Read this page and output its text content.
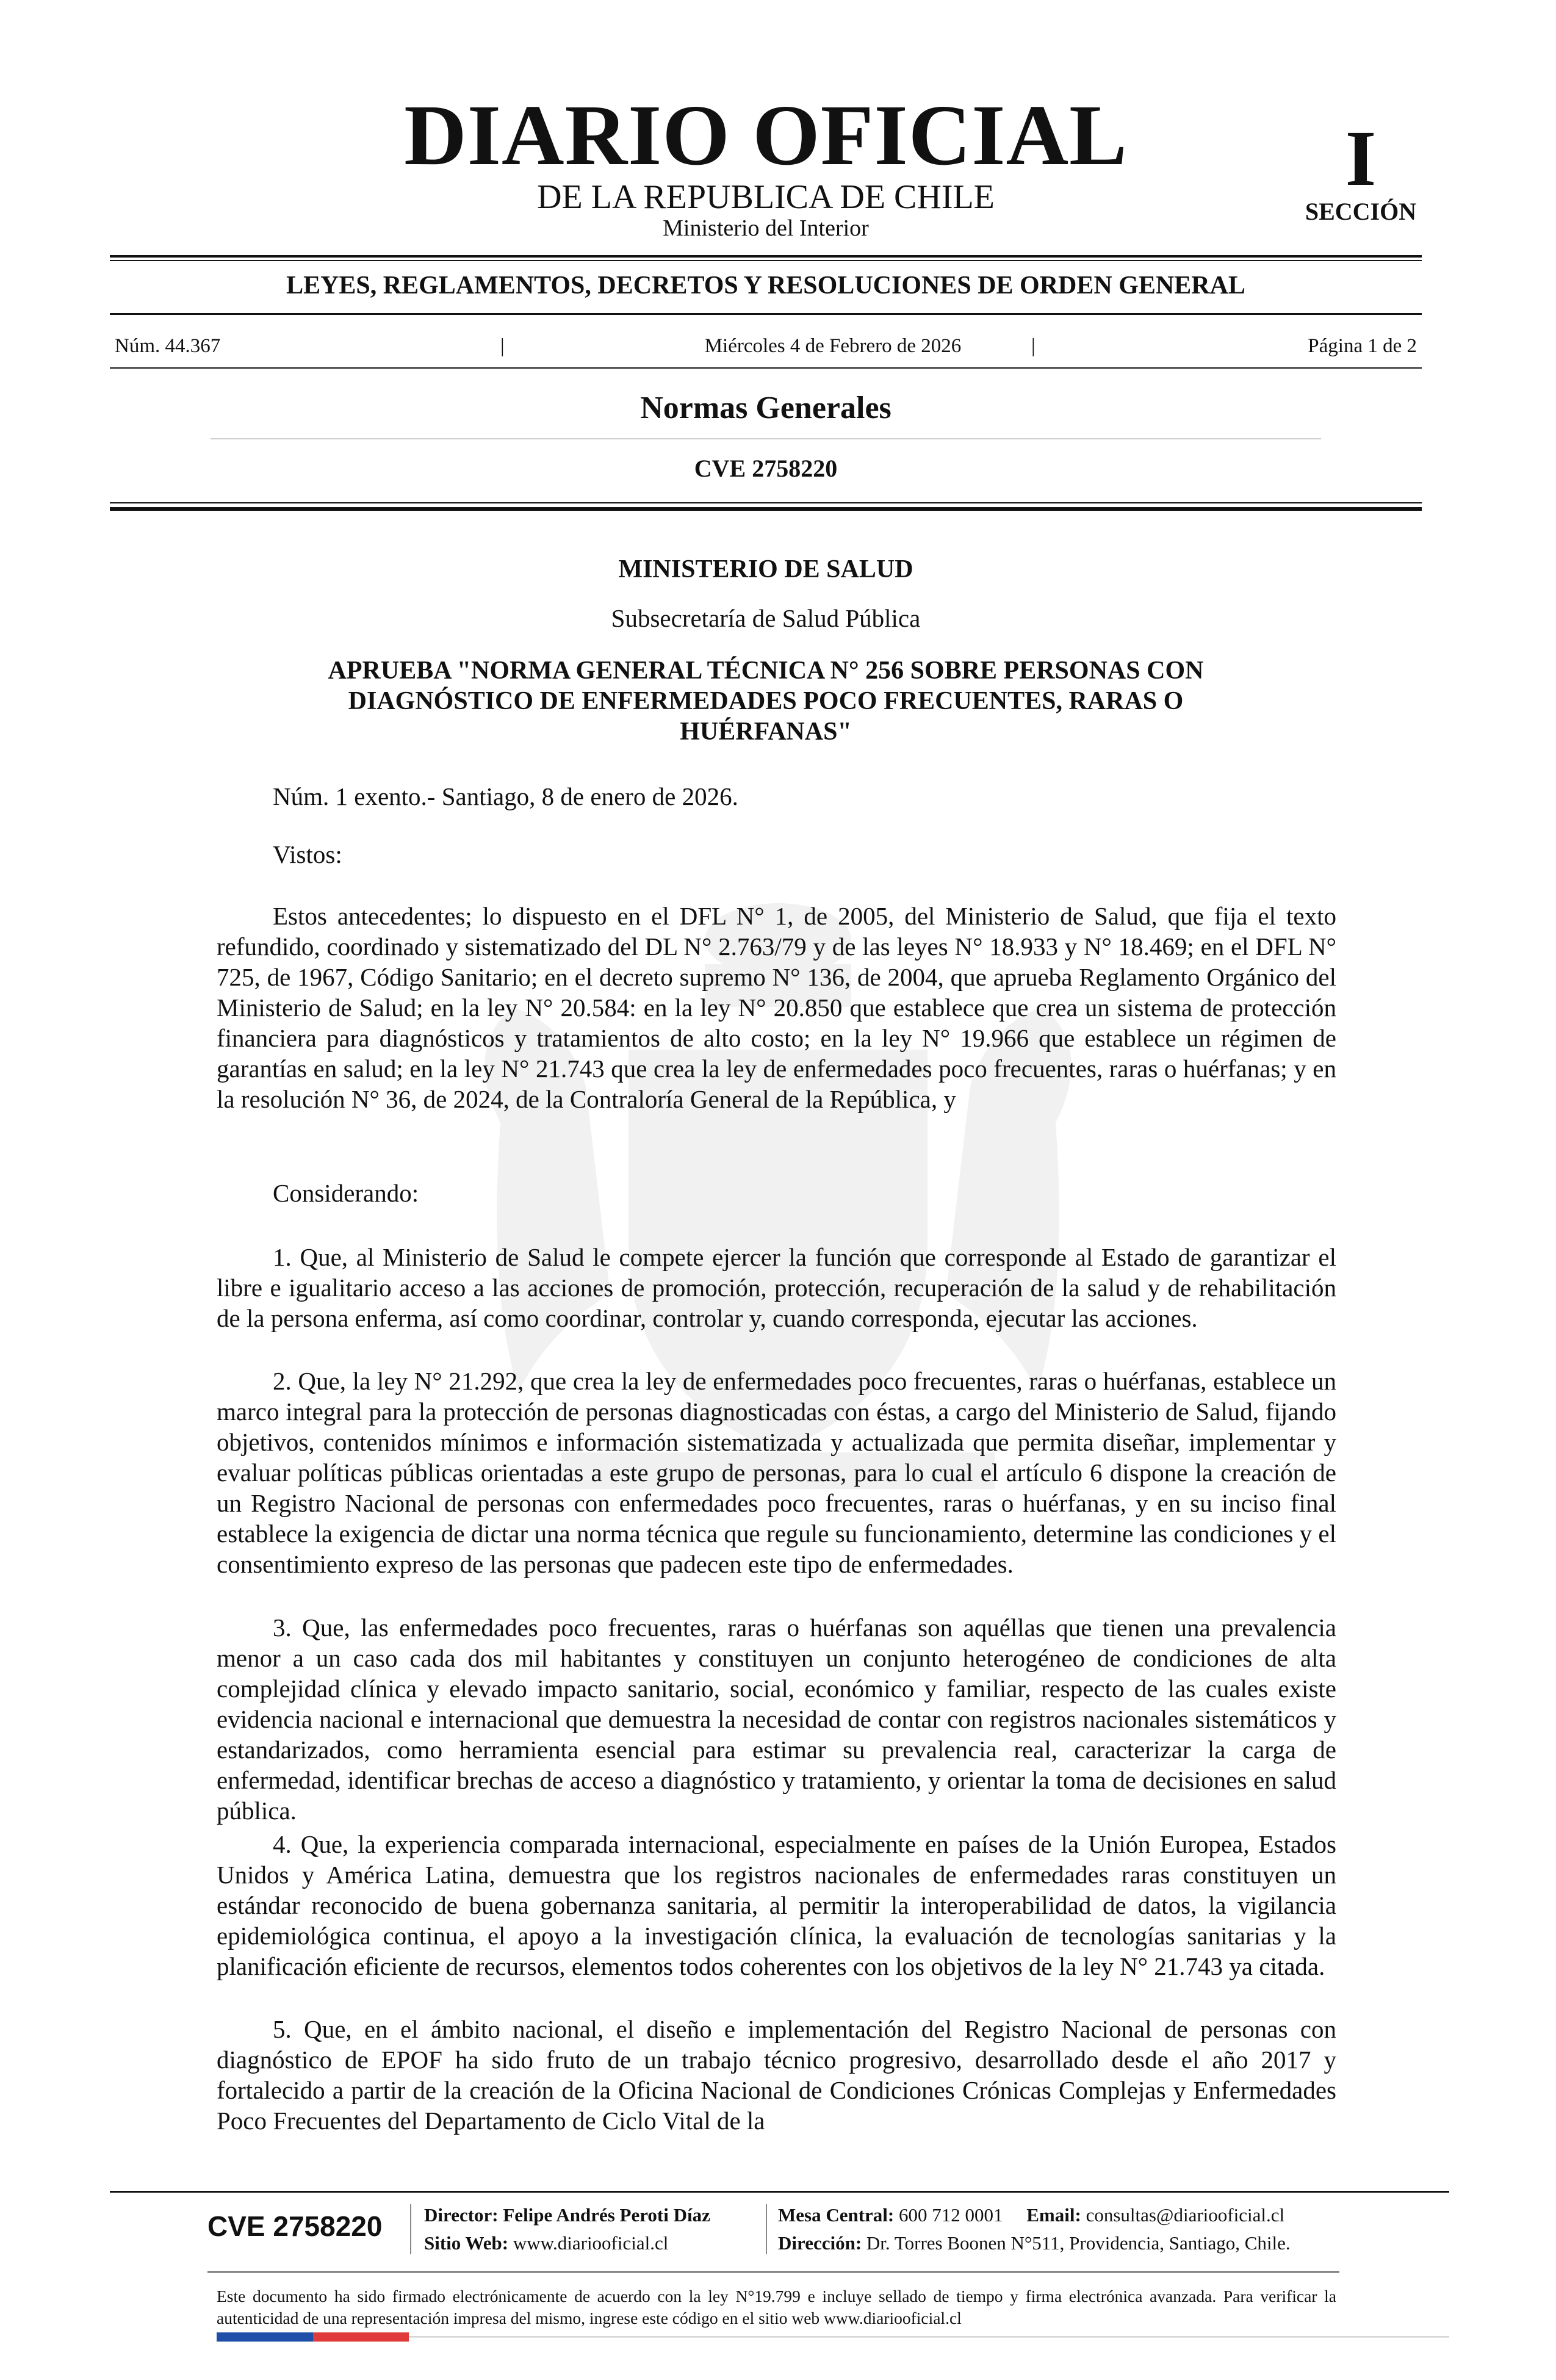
DIARIO OFICIAL
DE LA REPUBLICA DE CHILE
Ministerio del Interior
I
SECCIÓN
LEYES, REGLAMENTOS, DECRETOS Y RESOLUCIONES DE ORDEN GENERAL
Núm. 44.367	|	Miércoles 4 de Febrero de 2026	|	Página 1 de 2
Normas Generales
CVE 2758220
MINISTERIO DE SALUD
Subsecretaría de Salud Pública
APRUEBA "NORMA GENERAL TÉCNICA N° 256 SOBRE PERSONAS CON DIAGNÓSTICO DE ENFERMEDADES POCO FRECUENTES, RARAS O HUÉRFANAS"
Núm. 1 exento.- Santiago, 8 de enero de 2026.
Vistos:
Estos antecedentes; lo dispuesto en el DFL N° 1, de 2005, del Ministerio de Salud, que fija el texto refundido, coordinado y sistematizado del DL N° 2.763/79 y de las leyes N° 18.933 y N° 18.469; en el DFL N° 725, de 1967, Código Sanitario; en el decreto supremo N° 136, de 2004, que aprueba Reglamento Orgánico del Ministerio de Salud; en la ley N° 20.584: en la ley N° 20.850 que establece que crea un sistema de protección financiera para diagnósticos y tratamientos de alto costo; en la ley N° 19.966 que establece un régimen de garantías en salud; en la ley N° 21.743 que crea la ley de enfermedades poco frecuentes, raras o huérfanas; y en la resolución N° 36, de 2024, de la Contraloría General de la República, y
Considerando:
1. Que, al Ministerio de Salud le compete ejercer la función que corresponde al Estado de garantizar el libre e igualitario acceso a las acciones de promoción, protección, recuperación de la salud y de rehabilitación de la persona enferma, así como coordinar, controlar y, cuando corresponda, ejecutar las acciones.
2. Que, la ley N° 21.292, que crea la ley de enfermedades poco frecuentes, raras o huérfanas, establece un marco integral para la protección de personas diagnosticadas con éstas, a cargo del Ministerio de Salud, fijando objetivos, contenidos mínimos e información sistematizada y actualizada que permita diseñar, implementar y evaluar políticas públicas orientadas a este grupo de personas, para lo cual el artículo 6 dispone la creación de un Registro Nacional de personas con enfermedades poco frecuentes, raras o huérfanas, y en su inciso final establece la exigencia de dictar una norma técnica que regule su funcionamiento, determine las condiciones y el consentimiento expreso de las personas que padecen este tipo de enfermedades.
3. Que, las enfermedades poco frecuentes, raras o huérfanas son aquéllas que tienen una prevalencia menor a un caso cada dos mil habitantes y constituyen un conjunto heterogéneo de condiciones de alta complejidad clínica y elevado impacto sanitario, social, económico y familiar, respecto de las cuales existe evidencia nacional e internacional que demuestra la necesidad de contar con registros nacionales sistemáticos y estandarizados, como herramienta esencial para estimar su prevalencia real, caracterizar la carga de enfermedad, identificar brechas de acceso a diagnóstico y tratamiento, y orientar la toma de decisiones en salud pública.
4. Que, la experiencia comparada internacional, especialmente en países de la Unión Europea, Estados Unidos y América Latina, demuestra que los registros nacionales de enfermedades raras constituyen un estándar reconocido de buena gobernanza sanitaria, al permitir la interoperabilidad de datos, la vigilancia epidemiológica continua, el apoyo a la investigación clínica, la evaluación de tecnologías sanitarias y la planificación eficiente de recursos, elementos todos coherentes con los objetivos de la ley N° 21.743 ya citada.
5. Que, en el ámbito nacional, el diseño e implementación del Registro Nacional de personas con diagnóstico de EPOF ha sido fruto de un trabajo técnico progresivo, desarrollado desde el año 2017 y fortalecido a partir de la creación de la Oficina Nacional de Condiciones Crónicas Complejas y Enfermedades Poco Frecuentes del Departamento de Ciclo Vital de la
CVE 2758220 Director: Felipe Andrés Peroti Díaz
Sitio Web: www.diariooficial.cl
Mesa Central: 600 712 0001 Email: consultas@diariooficial.cl
Dirección: Dr. Torres Boonen N°511, Providencia, Santiago, Chile.
Este documento ha sido firmado electrónicamente de acuerdo con la ley N°19.799 e incluye sellado de tiempo y firma electrónica avanzada. Para verificar la autenticidad de una representación impresa del mismo, ingrese este código en el sitio web www.diariooficial.cl
